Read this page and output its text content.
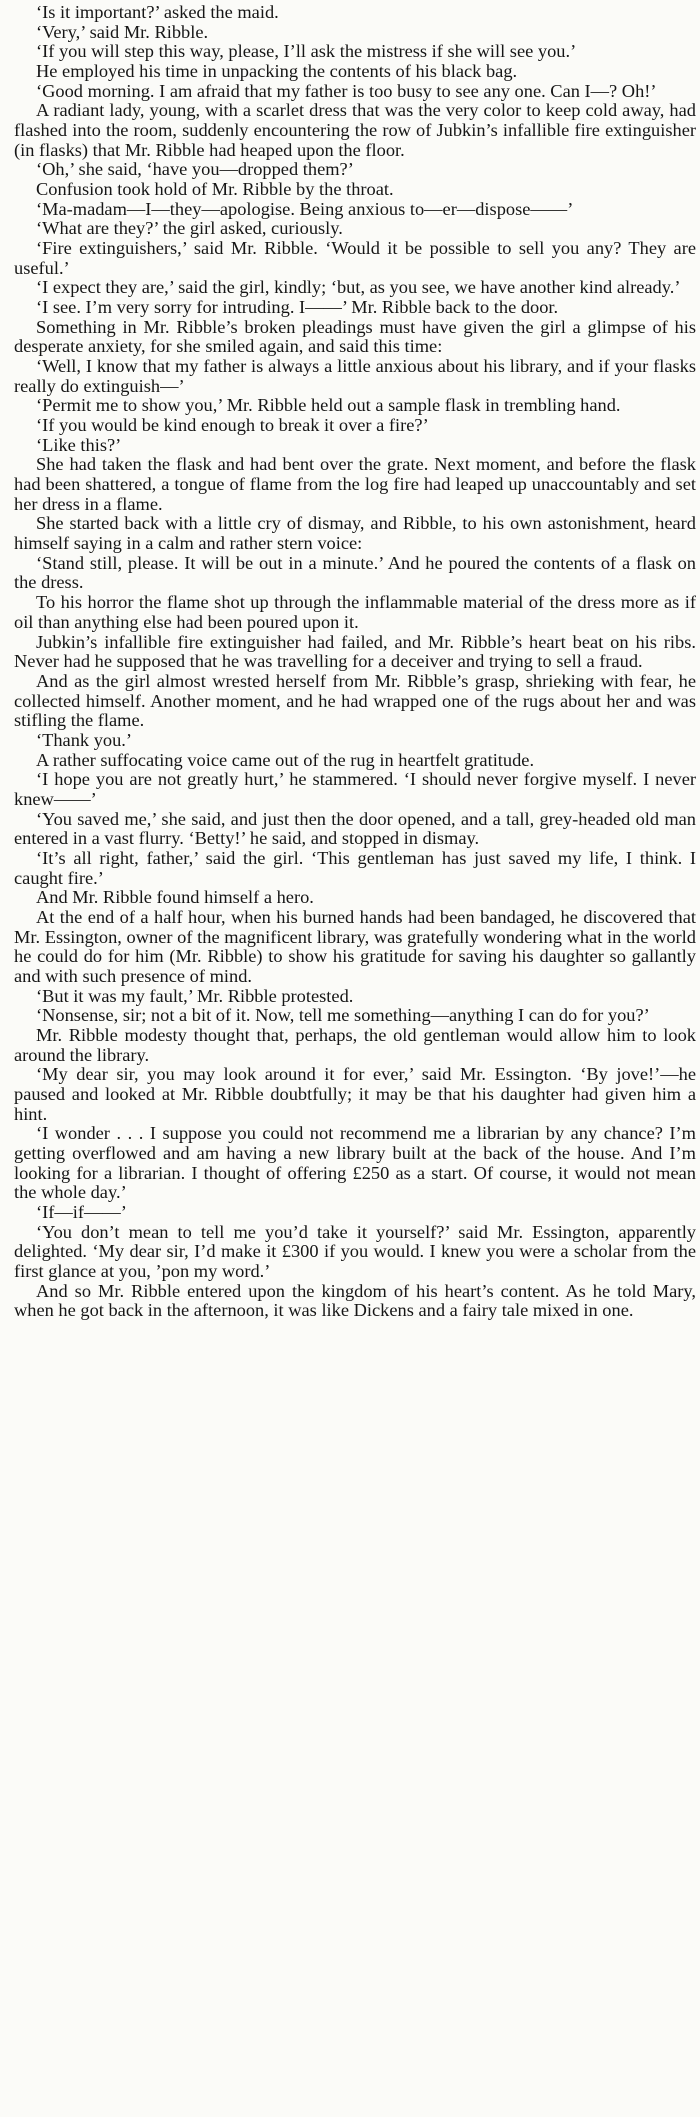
‘Is it important?’ asked the maid.

‘Very,’ said Mr. Ribble.

‘If you will step this way, please, I’ll ask the mistress if she will see you.’

He employed his time in unpacking the contents of his black bag.

‘Good morning. I am afraid that my father is too busy to see any one. Can I—? Oh!’

A radiant lady, young, with a scarlet dress that was the very color to keep cold away, had flashed into the room, suddenly encountering the row of Jubkin’s infallible fire extinguisher (in flasks) that Mr. Ribble had heaped upon the floor.

‘Oh,’ she said, ‘have you—dropped them?’

Confusion took hold of Mr. Ribble by the throat.

‘Ma-madam—I—they—apologise. Being anxious to—er—dispose——’

‘What are they?’ the girl asked, curiously.

‘Fire extinguishers,’ said Mr. Ribble. ‘Would it be possible to sell you any? They are useful.’

‘I expect they are,’ said the girl, kindly; ‘but, as you see, we have another kind already.’

‘I see. I’m very sorry for intruding. I——’ Mr. Ribble back to the door.

Something in Mr. Ribble’s broken pleadings must have given the girl a glimpse of his desperate anxiety, for she smiled again, and said this time:

‘Well, I know that my father is always a little anxious about his library, and if your flasks really do extinguish—’

‘Permit me to show you,’ Mr. Ribble held out a sample flask in trembling hand.

‘If you would be kind enough to break it over a fire?’

‘Like this?’

She had taken the flask and had bent over the grate. Next moment, and before the flask had been shattered, a tongue of flame from the log fire had leaped up unaccountably and set her dress in a flame.

She started back with a little cry of dismay, and Ribble, to his own astonishment, heard himself saying in a calm and rather stern voice:

‘Stand still, please. It will be out in a minute.’ And he poured the contents of a flask on the dress.

To his horror the flame shot up through the inflammable material of the dress more as if oil than anything else had been poured upon it.

Jubkin’s infallible fire extinguisher had failed, and Mr. Ribble’s heart beat on his ribs. Never had he supposed that he was travelling for a deceiver and trying to sell a fraud.

And as the girl almost wrested herself from Mr. Ribble’s grasp, shrieking with fear, he collected himself. Another moment, and he had wrapped one of the rugs about her and was stifling the flame.

‘Thank you.’

A rather suffocating voice came out of the rug in heartfelt gratitude.

‘I hope you are not greatly hurt,’ he stammered. ‘I should never forgive myself. I never knew——’

‘You saved me,’ she said, and just then the door opened, and a tall, grey-headed old man entered in a vast flurry. ‘Betty!’ he said, and stopped in dismay.

‘It’s all right, father,’ said the girl. ‘This gentleman has just saved my life, I think. I caught fire.’

And Mr. Ribble found himself a hero.

At the end of a half hour, when his burned hands had been bandaged, he discovered that Mr. Essington, owner of the magnificent library, was gratefully wondering what in the world he could do for him (Mr. Ribble) to show his gratitude for saving his daughter so gallantly and with such presence of mind.

‘But it was my fault,’ Mr. Ribble protested.

‘Nonsense, sir; not a bit of it. Now, tell me something—anything I can do for you?’

Mr. Ribble modesty thought that, perhaps, the old gentleman would allow him to look around the library.

‘My dear sir, you may look around it for ever,’ said Mr. Essington. ‘By jove!’—he paused and looked at Mr. Ribble doubtfully; it may be that his daughter had given him a hint.

‘I wonder . . . I suppose you could not recommend me a librarian by any chance? I’m getting overflowed and am having a new library built at the back of the house. And I’m looking for a librarian. I thought of offering £250 as a start. Of course, it would not mean the whole day.’

‘If—if——’

‘You don’t mean to tell me you’d take it yourself?’ said Mr. Essington, apparently delighted. ‘My dear sir, I’d make it £300 if you would. I knew you were a scholar from the first glance at you, ’pon my word.’

And so Mr. Ribble entered upon the kingdom of his heart’s content. As he told Mary, when he got back in the afternoon, it was like Dickens and a fairy tale mixed in one.
